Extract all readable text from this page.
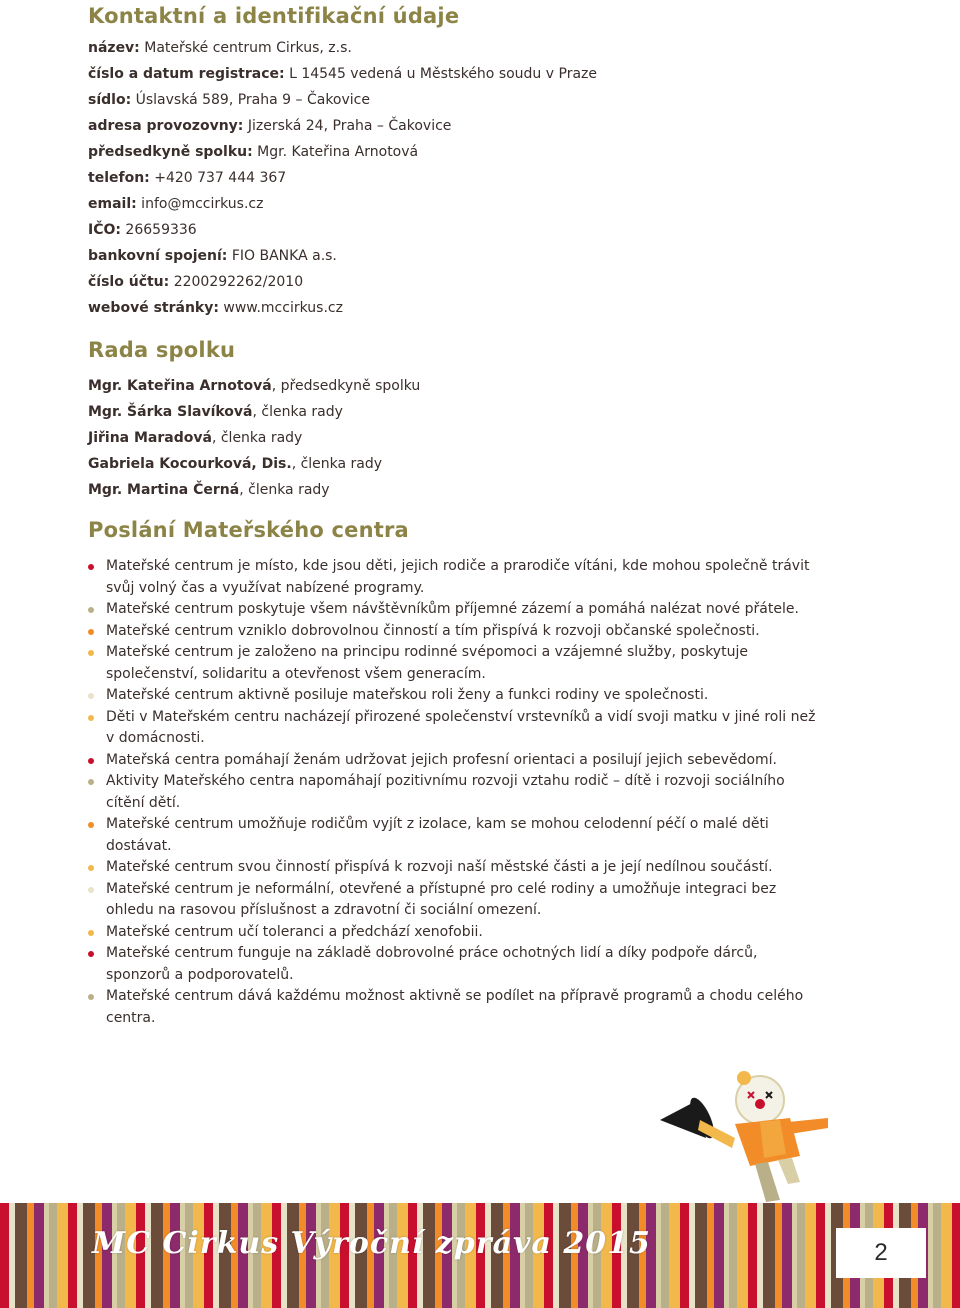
Kontaktní a identifikační údaje
název: Mateřské centrum Cirkus, z.s.
číslo a datum registrace: L 14545 vedená u Městského soudu v Praze
sídlo: Úslavská 589, Praha 9 – Čakovice
adresa provozovny: Jizerská 24, Praha – Čakovice
předsedkyně spolku: Mgr. Kateřina Arnotová
telefon: +420 737 444 367
email: info@mccirkus.cz
IČO: 26659336
bankovní spojení: FIO BANKA a.s.
číslo účtu: 2200292262/2010
webové stránky: www.mccirkus.cz
Rada spolku
Mgr. Kateřina Arnotová, předsedkyně spolku
Mgr. Šárka Slavíková, členka rady
Jiřina Maradová, členka rady
Gabriela Kocourková, Dis., členka rady
Mgr. Martina Černá, členka rady
Poslání Mateřského centra
Mateřské centrum je místo, kde jsou děti, jejich rodiče a prarodiče vítáni, kde mohou společně trávit svůj volný čas a využívat nabízené programy.
Mateřské centrum poskytuje všem návštěvníkům příjemné zázemí a pomáhá nalézat nové přátele.
Mateřské centrum vzniklo dobrovolnou činností a tím přispívá k rozvoji občanské společnosti.
Mateřské centrum je založeno na principu rodinné svépomoci a vzájemné služby, poskytuje společenství, solidaritu a otevřenost všem generacím.
Mateřské centrum aktivně posiluje mateřskou roli ženy a funkci rodiny ve společnosti.
Děti v Mateřském centru nacházejí přirozené společenství vrstevníků a vidí svoji matku v jiné roli než v domácnosti.
Mateřská centra pomáhají ženám udržovat jejich profesní orientaci a posilují jejich sebevědomí.
Aktivity Mateřského centra napomáhají pozitivnímu rozvoji vztahu rodič – dítě i rozvoji sociálního cítění dětí.
Mateřské centrum umožňuje rodičům vyjít z izolace, kam se mohou celodenní péčí o malé děti dostávat.
Mateřské centrum svou činností přispívá k rozvoji naší městské části a je její nedílnou součástí.
Mateřské centrum je neformální, otevřené a přístupné pro celé rodiny a umožňuje integraci bez ohledu na rasovou příslušnost a zdravotní či sociální omezení.
Mateřské centrum učí toleranci a předchází xenofobii.
Mateřské centrum funguje na základě dobrovolné práce ochotných lidí a díky podpoře dárců, sponzorů a podporovatelů.
Mateřské centrum dává každému možnost aktivně se podílet na přípravě programů a chodu celého centra.
MC Cirkus Výroční zpráva 2015	2
